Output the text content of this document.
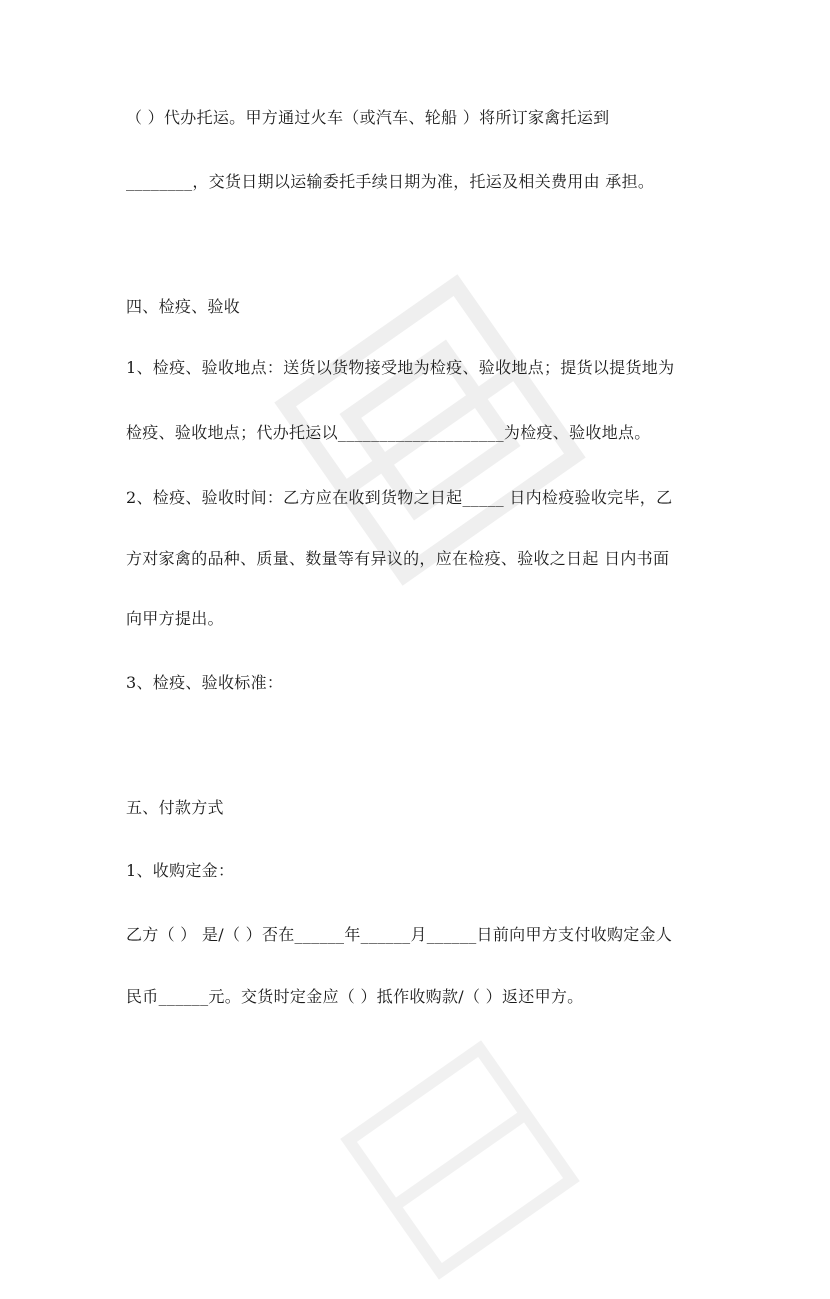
（ ）代办托运。甲方通过火车（或汽车、轮船 ）将所订家禽托运到
________，交货日期以运输委托手续日期为准，托运及相关费用由 承担。
四、检疫、验收
1、检疫、验收地点：送货以货物接受地为检疫、验收地点；提货以提货地为
检疫、验收地点；代办托运以____________________为检疫、验收地点。
2、检疫、验收时间：乙方应在收到货物之日起_____ 日内检疫验收完毕，乙
方对家禽的品种、质量、数量等有异议的，应在检疫、验收之日起 日内书面
向甲方提出。
3、检疫、验收标准：
五、付款方式
1、收购定金：
乙方（ ） 是/（ ）否在______年______月______日前向甲方支付收购定金人
民币______元。交货时定金应（ ）抵作收购款/（ ）返还甲方。
